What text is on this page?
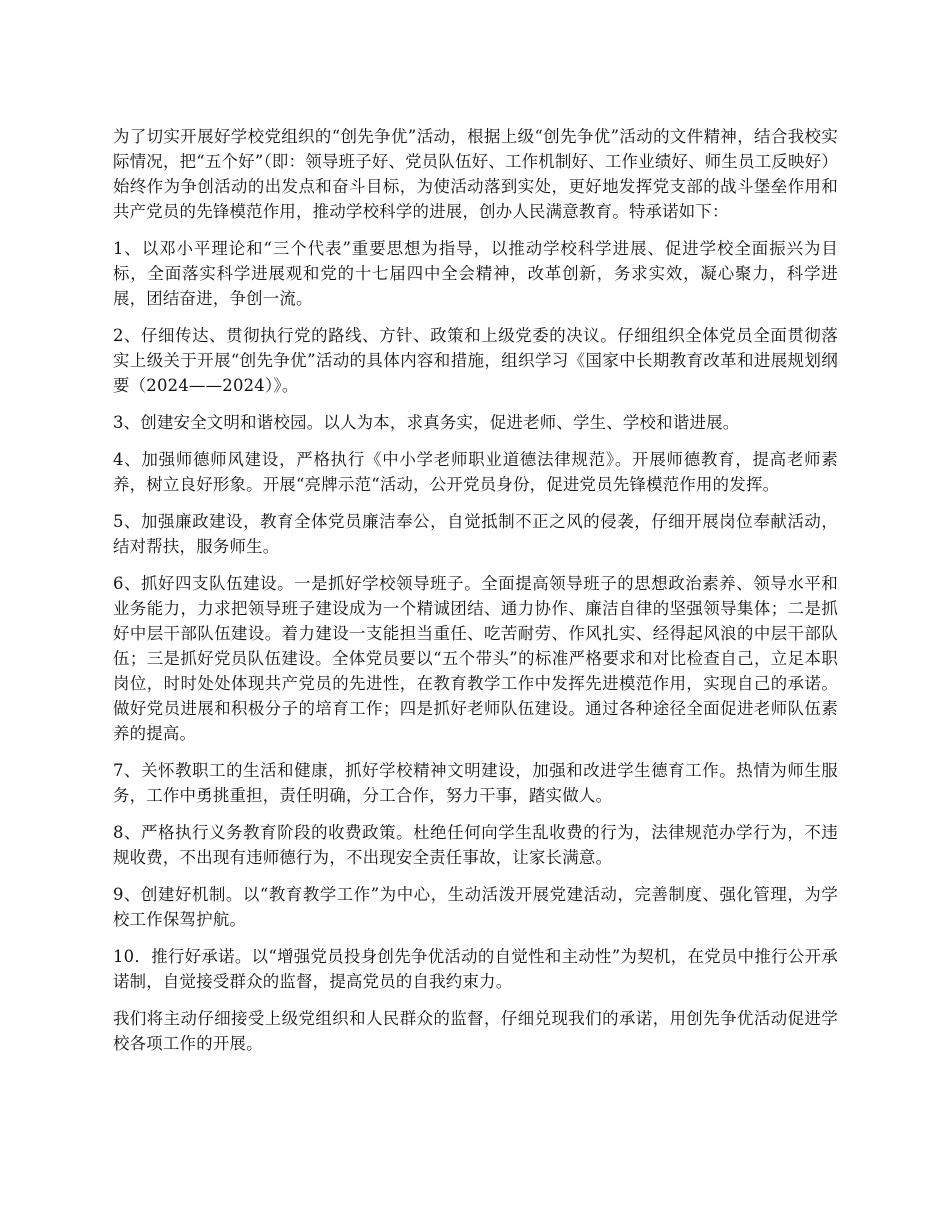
为了切实开展好学校党组织的“创先争优”活动，根据上级“创先争优”活动的文件精神，结合我校实际情况，把“五个好”（即：领导班子好、党员队伍好、工作机制好、工作业绩好、师生员工反映好）始终作为争创活动的出发点和奋斗目标，为使活动落到实处，更好地发挥党支部的战斗堡垒作用和共产党员的先锋模范作用，推动学校科学的进展，创办人民满意教育。特承诺如下：

1、以邓小平理论和“三个代表”重要思想为指导，以推动学校科学进展、促进学校全面振兴为目标，全面落实科学进展观和党的十七届四中全会精神，改革创新，务求实效，凝心聚力，科学进展，团结奋进，争创一流。

2、仔细传达、贯彻执行党的路线、方针、政策和上级党委的决议。仔细组织全体党员全面贯彻落实上级关于开展“创先争优”活动的具体内容和措施，组织学习《国家中长期教育改革和进展规划纲要（2024——2024）》。

3、创建安全文明和谐校园。以人为本，求真务实，促进老师、学生、学校和谐进展。

4、加强师德师风建设，严格执行《中小学老师职业道德法律规范》。开展师德教育，提高老师素养，树立良好形象。开展“亮牌示范“活动，公开党员身份，促进党员先锋模范作用的发挥。

5、加强廉政建设，教育全体党员廉洁奉公，自觉抵制不正之风的侵袭，仔细开展岗位奉献活动，结对帮扶，服务师生。

6、抓好四支队伍建设。一是抓好学校领导班子。全面提高领导班子的思想政治素养、领导水平和业务能力，力求把领导班子建设成为一个精诚团结、通力协作、廉洁自律的坚强领导集体；二是抓好中层干部队伍建设。着力建设一支能担当重任、吃苦耐劳、作风扎实、经得起风浪的中层干部队伍；三是抓好党员队伍建设。全体党员要以“五个带头”的标准严格要求和对比检查自己，立足本职岗位，时时处处体现共产党员的先进性，在教育教学工作中发挥先进模范作用，实现自己的承诺。做好党员进展和积极分子的培育工作；四是抓好老师队伍建设。通过各种途径全面促进老师队伍素养的提高。

7、关怀教职工的生活和健康，抓好学校精神文明建设，加强和改进学生德育工作。热情为师生服务，工作中勇挑重担，责任明确，分工合作，努力干事，踏实做人。

8、严格执行义务教育阶段的收费政策。杜绝任何向学生乱收费的行为，法律规范办学行为，不违规收费，不出现有违师德行为，不出现安全责任事故，让家长满意。

9、创建好机制。以“教育教学工作”为中心，生动活泼开展党建活动，完善制度、强化管理，为学校工作保驾护航。

10．推行好承诺。以“增强党员投身创先争优活动的自觉性和主动性”为契机，在党员中推行公开承诺制，自觉接受群众的监督，提高党员的自我约束力。

我们将主动仔细接受上级党组织和人民群众的监督，仔细兑现我们的承诺，用创先争优活动促进学校各项工作的开展。
